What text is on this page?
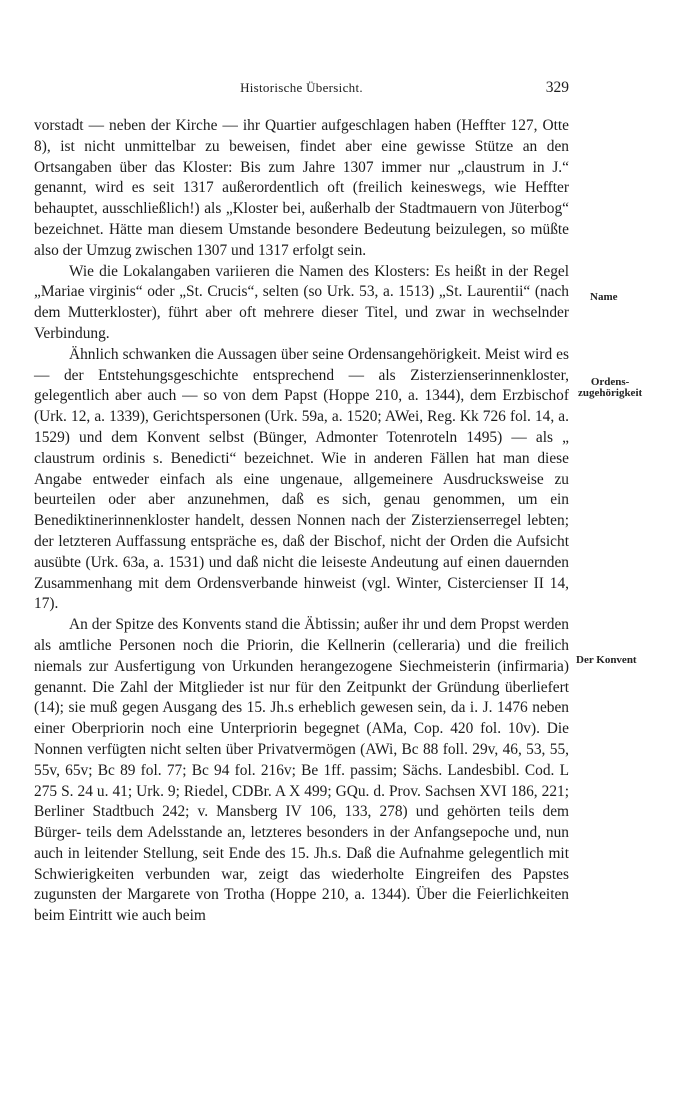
Historische Übersicht.	329

vorstadt — neben der Kirche — ihr Quartier aufgeschlagen haben (Heffter 127, Otte 8), ist nicht unmittelbar zu beweisen, findet aber eine gewisse Stütze an den Ortsangaben über das Kloster: Bis zum Jahre 1307 immer nur „claustrum in J.“ genannt, wird es seit 1317 außerordentlich oft (freilich keineswegs, wie Heffter behauptet, ausschließlich!) als „Kloster bei, außerhalb der Stadtmauern von Jüterbog“ bezeichnet. Hätte man diesem Umstande besondere Bedeutung beizulegen, so müßte also der Umzug zwischen 1307 und 1317 erfolgt sein.

Wie die Lokalangaben variieren die Namen des Klosters: Es heißt in der Regel „Mariae virginis“ oder „St. Crucis“, selten (so Urk. 53, a. 1513) „St. Laurentii“ (nach dem Mutterkloster), führt aber oft mehrere dieser Titel, und zwar in wechselnder Verbindung.

Ähnlich schwanken die Aussagen über seine Ordensangehörigkeit. Meist wird es — der Entstehungsgeschichte entsprechend — als Zisterzienserinnenkloster, gelegentlich aber auch — so von dem Papst (Hoppe 210, a. 1344), dem Erzbischof (Urk. 12, a. 1339), Gerichtspersonen (Urk. 59a, a. 1520; AWei, Reg. Kk 726 fol. 14, a. 1529) und dem Konvent selbst (Bünger, Admonter Totenroteln 1495) — als „ claustrum ordinis s. Benedicti“ bezeichnet. Wie in anderen Fällen hat man diese Angabe entweder einfach als eine ungenaue, allgemeinere Ausdrucksweise zu beurteilen oder aber anzunehmen, daß es sich, genau genommen, um ein Benediktinerinnenkloster handelt, dessen Nonnen nach der Zisterzienserregel lebten; der letzteren Auffassung entspräche es, daß der Bischof, nicht der Orden die Aufsicht ausübte (Urk. 63a, a. 1531) und daß nicht die leiseste Andeutung auf einen dauernden Zusammenhang mit dem Ordensverbande hinweist (vgl. Winter, Cistercienser II 14, 17).

An der Spitze des Konvents stand die Äbtissin; außer ihr und dem Propst werden als amtliche Personen noch die Priorin, die Kellnerin (celleraria) und die freilich niemals zur Ausfertigung von Urkunden herangezogene Siechmeisterin (infirmaria) genannt. Die Zahl der Mitglieder ist nur für den Zeitpunkt der Gründung überliefert (14); sie muß gegen Ausgang des 15. Jh.s erheblich gewesen sein, da i. J. 1476 neben einer Oberpriorin noch eine Unterpriorin begegnet (AMa, Cop. 420 fol. 10v). Die Nonnen verfügten nicht selten über Privatvermögen (AWi, Bc 88 foll. 29v, 46, 53, 55, 55v, 65v; Bc 89 fol. 77; Bc 94 fol. 216v; Be 1ff. passim; Sächs. Landesbibl. Cod. L 275 S. 24 u. 41; Urk. 9; Riedel, CDBr. A X 499; GQu. d. Prov. Sachsen XVI 186, 221; Berliner Stadtbuch 242; v. Mansberg IV 106, 133, 278) und gehörten teils dem Bürger- teils dem Adelsstande an, letzteres besonders in der Anfangsepoche und, nun auch in leitender Stellung, seit Ende des 15. Jh.s. Daß die Aufnahme gelegentlich mit Schwierigkeiten verbunden war, zeigt das wiederholte Eingreifen des Papstes zugunsten der Margarete von Trotha (Hoppe 210, a. 1344). Über die Feierlichkeiten beim Eintritt wie auch beim

Name
Ordens-
zugehörigkeit
Der Konvent
